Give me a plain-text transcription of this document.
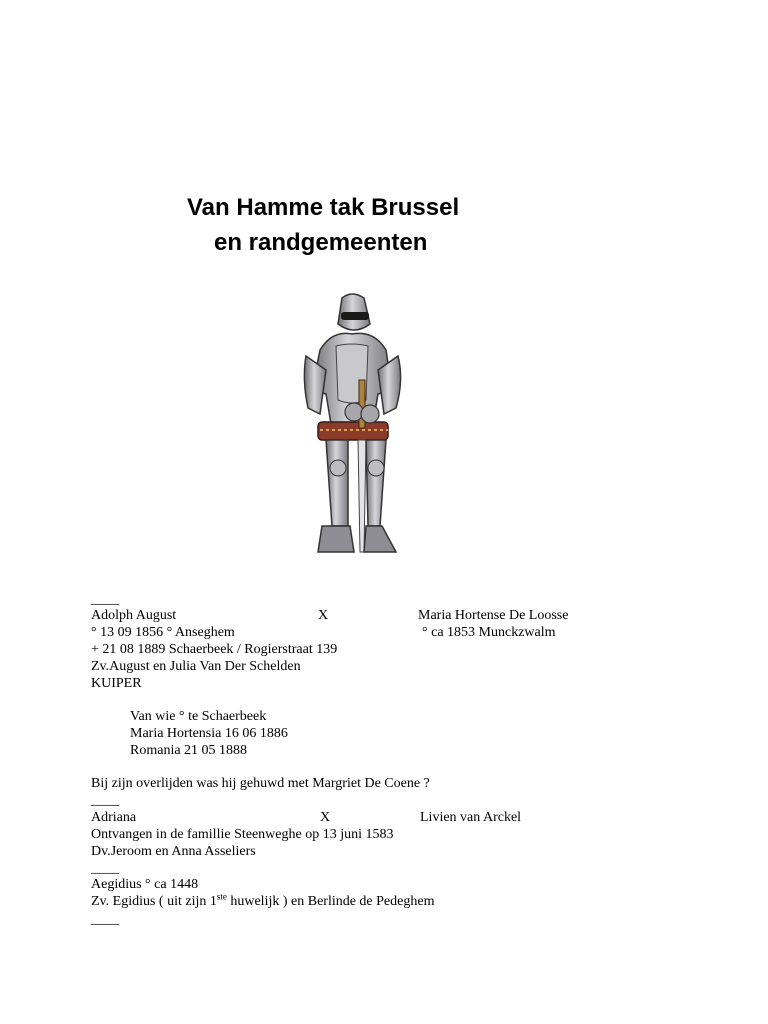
Van Hamme tak Brussel
en randgemeenten
____
Adolph August	X	Maria Hortense De Loosse
° 13 09 1856 ° Anseghem	° ca 1853 Munckzwalm
+ 21 08 1889 Schaerbeek / Rogierstraat 139
Zv.August en Julia Van Der Schelden
KUIPER
Van wie ° te Schaerbeek
Maria Hortensia 16 06 1886
Romania 21 05 1888
Bij zijn overlijden was hij gehuwd met Margriet De Coene ?
____
Adriana	X	Livien van Arckel
Ontvangen in de famillie Steenweghe op 13 juni 1583
Dv.Jeroom en Anna Asseliers
____
Aegidius ° ca 1448
Zv. Egidius ( uit zijn 1ste huwelijk ) en Berlinde de Pedeghem
____
